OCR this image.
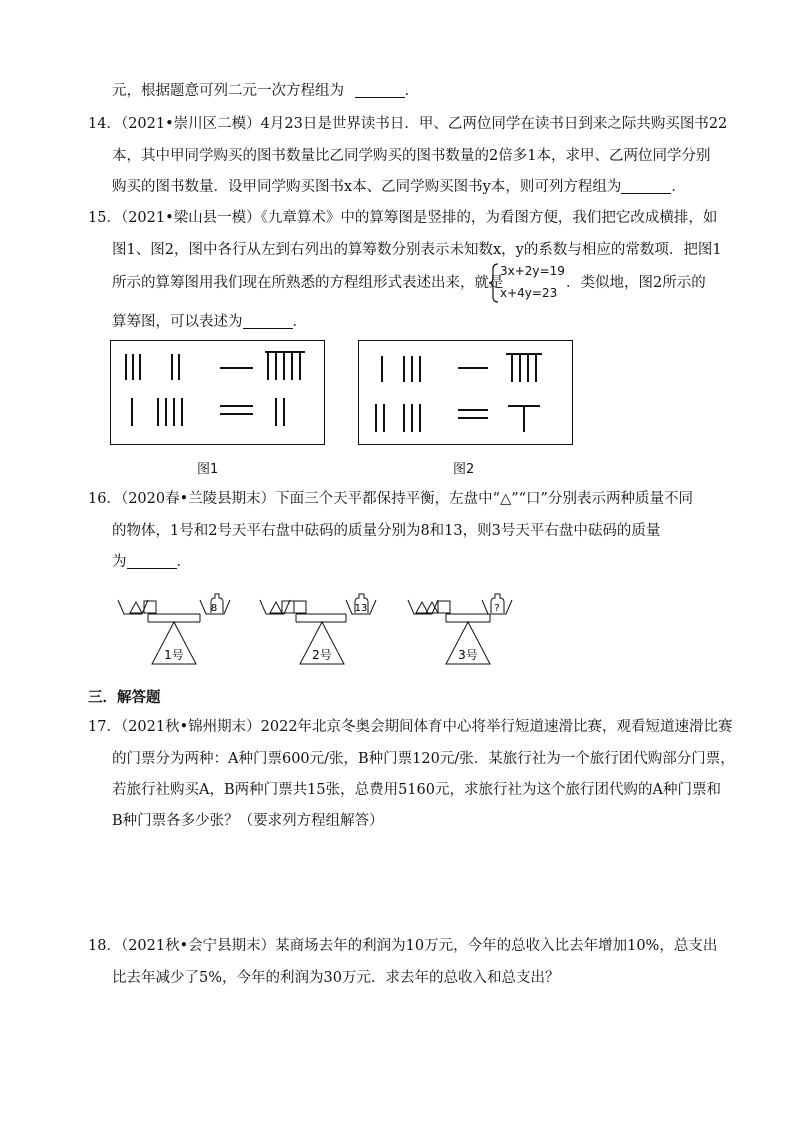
元，根据题意可列二元一次方程组为	．
14．（2021•崇川区二模）4月23日是世界读书日．甲、乙两位同学在读书日到来之际共购买图书22
本，其中甲同学购买的图书数量比乙同学购买的图书数量的2倍多1本，求甲、乙两位同学分别
购买的图书数量．设甲同学购买图书x本、乙同学购买图书y本，则可列方程组为	．
15．（2021•梁山县一模）《九章算术》中的算筹图是竖排的，为看图方便，我们把它改成横排，如
图1、图2，图中各行从左到右列出的算筹数分别表示未知数x，y的系数与相应的常数项．把图1
所示的算筹图用我们现在所熟悉的方程组形式表述出来，就是
3x+2y=19
x+4y=23
．类似地，图2所示的
算筹图，可以表述为	．
图1	图2
16．（2020春•兰陵县期末）下面三个天平都保持平衡，左盘中“△”“口”分别表示两种质量不同
的物体，1号和2号天平右盘中砝码的质量分别为8和13，则3号天平右盘中砝码的质量
为	．
8	13	?
1号	2号	3号
三．解答题
17．（2021秋•锦州期末）2022年北京冬奥会期间体育中心将举行短道速滑比赛，观看短道速滑比赛
的门票分为两种：A种门票600元/张，B种门票120元/张．某旅行社为一个旅行团代购部分门票，
若旅行社购买A，B两种门票共15张，总费用5160元，求旅行社为这个旅行团代购的A种门票和
B种门票各多少张？（要求列方程组解答）
18．（2021秋•会宁县期末）某商场去年的利润为10万元，今年的总收入比去年增加10%，总支出
比去年减少了5%，今年的利润为30万元．求去年的总收入和总支出？
